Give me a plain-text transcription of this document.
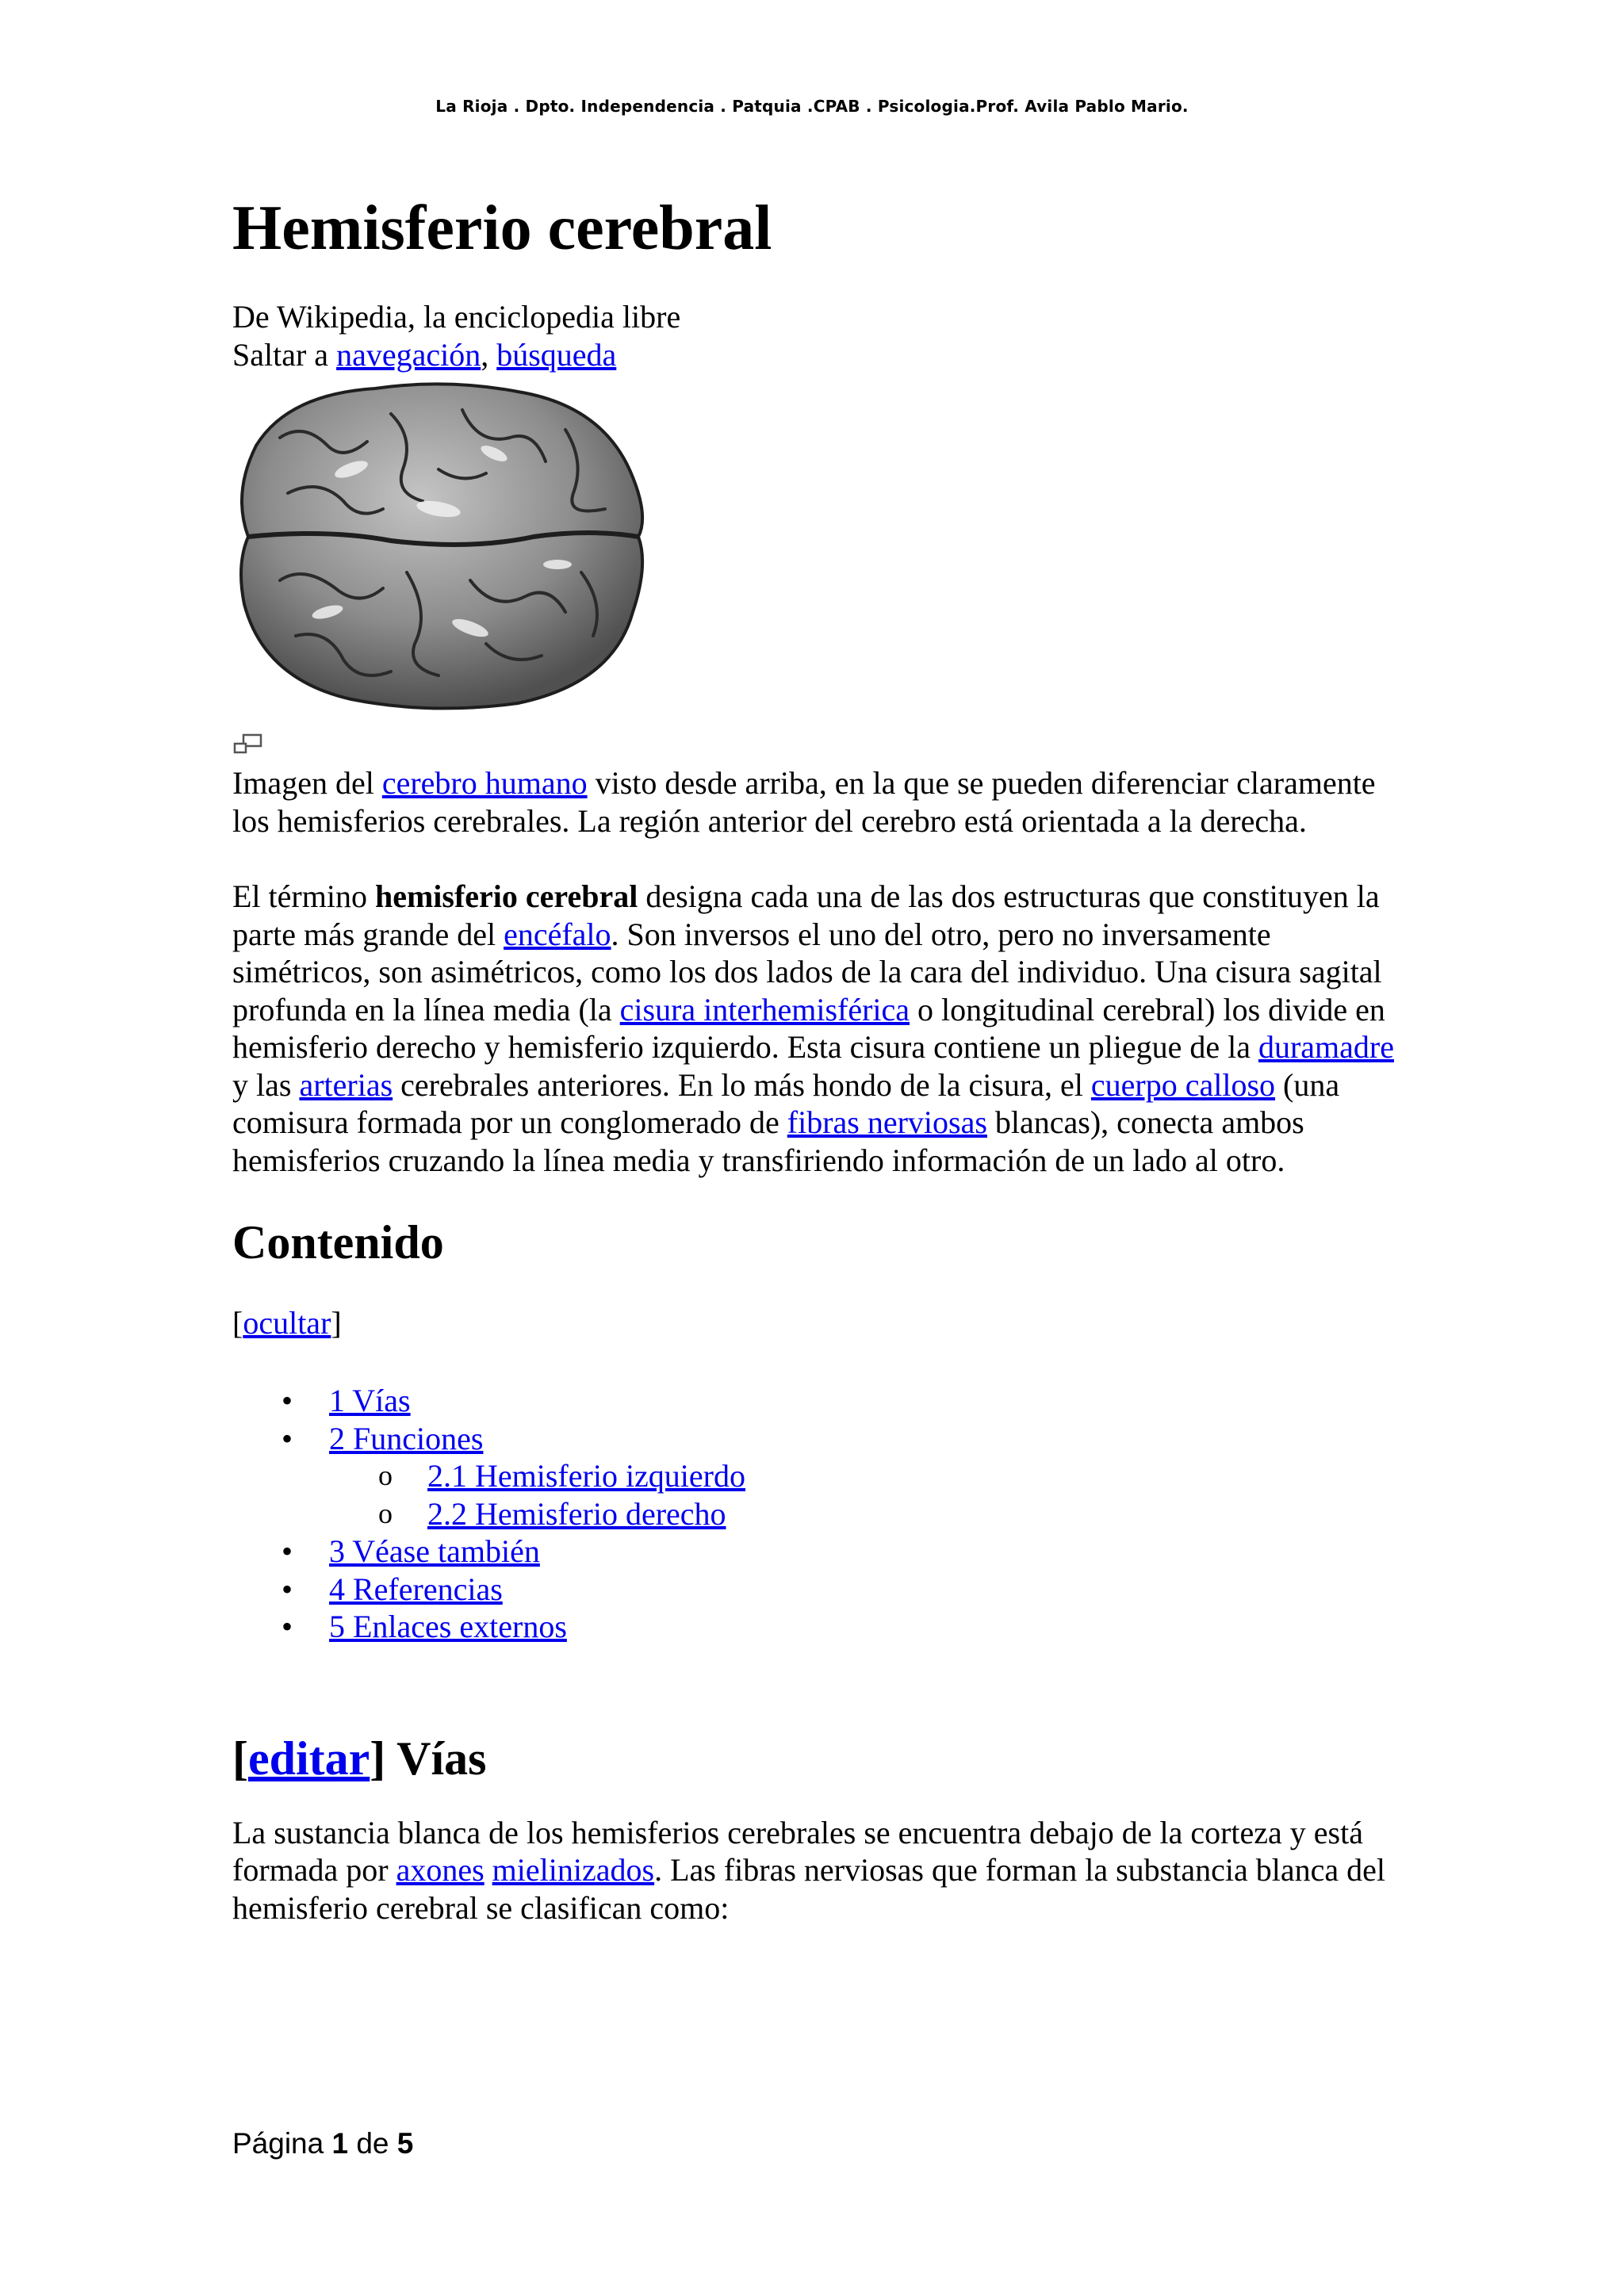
La Rioja . Dpto. Independencia . Patquia .CPAB . Psicologia.Prof. Avila Pablo Mario.
Hemisferio cerebral
De Wikipedia, la enciclopedia libre
Saltar a navegación, búsqueda

Imagen del cerebro humano visto desde arriba, en la que se pueden diferenciar claramente los hemisferios cerebrales. La región anterior del cerebro está orientada a la derecha.

El término hemisferio cerebral designa cada una de las dos estructuras que constituyen la parte más grande del encéfalo. Son inversos el uno del otro, pero no inversamente simétricos, son asimétricos, como los dos lados de la cara del individuo. Una cisura sagital profunda en la línea media (la cisura interhemisférica o longitudinal cerebral) los divide en hemisferio derecho y hemisferio izquierdo. Esta cisura contiene un pliegue de la duramadre y las arterias cerebrales anteriores. En lo más hondo de la cisura, el cuerpo calloso (una comisura formada por un conglomerado de fibras nerviosas blancas), conecta ambos hemisferios cruzando la línea media y transfiriendo información de un lado al otro.

Contenido
[ocultar]
• 1 Vías
• 2 Funciones
o 2.1 Hemisferio izquierdo
o 2.2 Hemisferio derecho
• 3 Véase también
• 4 Referencias
• 5 Enlaces externos
[editar] Vías

La sustancia blanca de los hemisferios cerebrales se encuentra debajo de la corteza y está formada por axones mielinizados. Las fibras nerviosas que forman la substancia blanca del hemisferio cerebral se clasifican como:

Página 1 de 5
